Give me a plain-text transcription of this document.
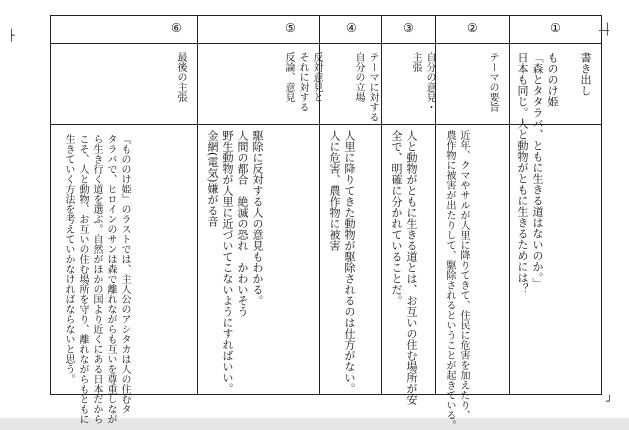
├	│
┘
①
②
③
④
⑤
⑥
書き出し
テーマの要旨
自分の意見・
主張
テーマに対する
自分の立場
反対意見と
それに対する
反論、意見
最後の主張	もののけ姫
「森とタタラバ、ともに生きる道はないのか。」
日本も同じ。人と動物がともに生きるためには？
近年、クマやサルが人里に降りてきて、住民に危害を加えたり、
農作物に被害が出たりして、駆除されるということが起きている。
人と動物がともに生きる道とは、お互いの住む場所が安
全で、明確に分かれていることだ。
人里に降りてきた動物が駆除されるのは仕方がない。
人に危害、農作物に被害
駆除に反対する人の意見もわかる。
人間の都合　絶滅の恐れ　かわいそう
野生動物が人里に近づいてこないようにすればいい。
金網(電気)嫌がる音
『もののけ姫』のラストでは、主人公のアシタカは人の住むタ
タラバで、ヒロインのサンは森で離れながらも互いを尊重しなが
ら生き行く道を選ぶ。自然がほかの国より近くにある日本だから
こそ、人と動物、お互いの住む場所を守り、離れながらもともに
生きていく方法を考えていかなければならないと思う。
